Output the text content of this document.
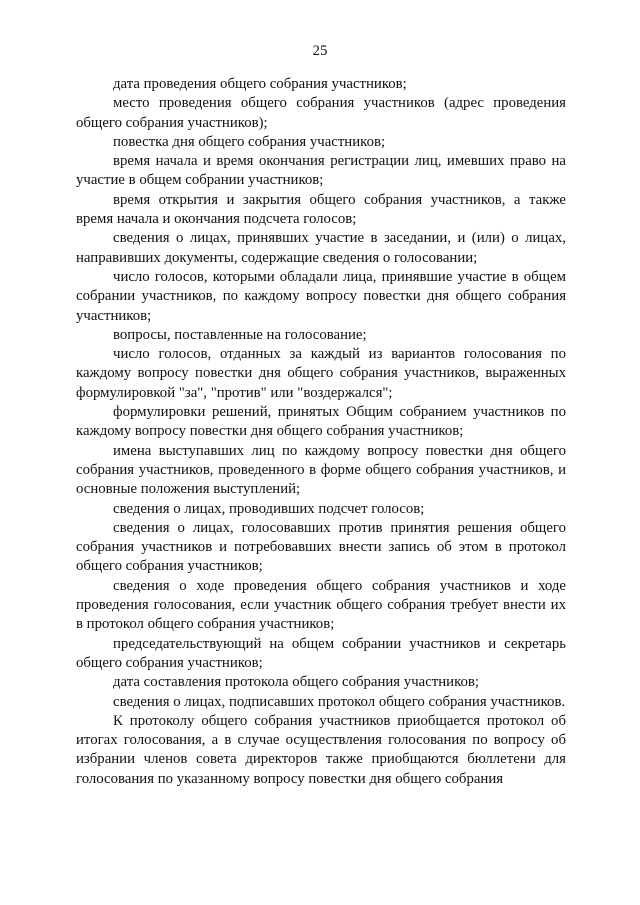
25

дата проведения общего собрания участников;

место проведения общего собрания участников (адрес проведения общего собрания участников);

повестка дня общего собрания участников;

время начала и время окончания регистрации лиц, имевших право на участие в общем собрании участников;

время открытия и закрытия общего собрания участников, а также время начала и окончания подсчета голосов;

сведения о лицах, принявших участие в заседании, и (или) о лицах, направивших документы, содержащие сведения о голосовании;

число голосов, которыми обладали лица, принявшие участие в общем собрании участников, по каждому вопросу повестки дня общего собрания участников;

вопросы, поставленные на голосование;

число голосов, отданных за каждый из вариантов голосования по каждому вопросу повестки дня общего собрания участников, выраженных формулировкой "за", "против" или "воздержался";

формулировки решений, принятых Общим собранием участников по каждому вопросу повестки дня общего собрания участников;

имена выступавших лиц по каждому вопросу повестки дня общего собрания участников, проведенного в форме общего собрания участников, и основные положения выступлений;

сведения о лицах, проводивших подсчет голосов;

сведения о лицах, голосовавших против принятия решения общего собрания участников и потребовавших внести запись об этом в протокол общего собрания участников;

сведения о ходе проведения общего собрания участников и ходе проведения голосования, если участник общего собрания требует внести их в протокол общего собрания участников;

председательствующий на общем собрании участников и секретарь общего собрания участников;

дата составления протокола общего собрания участников;

сведения о лицах, подписавших протокол общего собрания участников.

К протоколу общего собрания участников приобщается протокол об итогах голосования, а в случае осуществления голосования по вопросу об избрании членов совета директоров также приобщаются бюллетени для голосования по указанному вопросу повестки дня общего собрания
